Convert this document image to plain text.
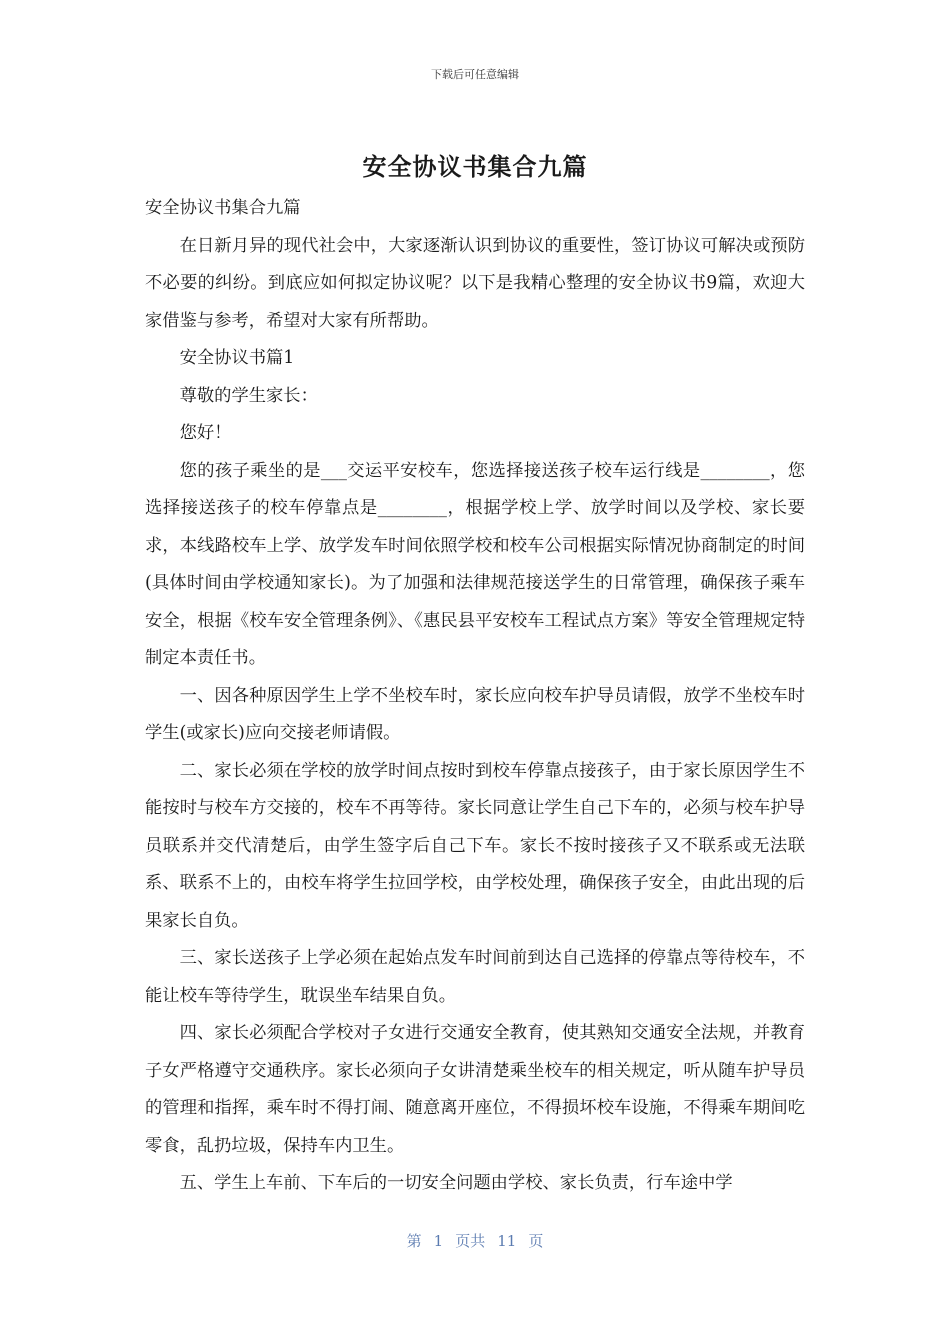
下载后可任意编辑
安全协议书集合九篇

安全协议书集合九篇

在日新月异的现代社会中，大家逐渐认识到协议的重要性，签订协议可解决或预防不必要的纠纷。到底应如何拟定协议呢？以下是我精心整理的安全协议书9篇，欢迎大家借鉴与参考，希望对大家有所帮助。

安全协议书篇1

尊敬的学生家长：

您好！

您的孩子乘坐的是___交运平安校车，您选择接送孩子校车运行线是________，您选择接送孩子的校车停靠点是________，根据学校上学、放学时间以及学校、家长要求，本线路校车上学、放学发车时间依照学校和校车公司根据实际情况协商制定的时间(具体时间由学校通知家长)。为了加强和法律规范接送学生的日常管理，确保孩子乘车安全，根据《校车安全管理条例》、《惠民县平安校车工程试点方案》等安全管理规定特制定本责任书。

一、因各种原因学生上学不坐校车时，家长应向校车护导员请假，放学不坐校车时学生(或家长)应向交接老师请假。

二、家长必须在学校的放学时间点按时到校车停靠点接孩子，由于家长原因学生不能按时与校车方交接的，校车不再等待。家长同意让学生自己下车的，必须与校车护导员联系并交代清楚后，由学生签字后自己下车。家长不按时接孩子又不联系或无法联系、联系不上的，由校车将学生拉回学校，由学校处理，确保孩子安全，由此出现的后果家长自负。

三、家长送孩子上学必须在起始点发车时间前到达自己选择的停靠点等待校车，不能让校车等待学生，耽误坐车结果自负。

四、家长必须配合学校对子女进行交通安全教育，使其熟知交通安全法规，并教育子女严格遵守交通秩序。家长必须向子女讲清楚乘坐校车的相关规定，听从随车护导员的管理和指挥，乘车时不得打闹、随意离开座位，不得损坏校车设施，不得乘车期间吃零食，乱扔垃圾，保持车内卫生。

五、学生上车前、下车后的一切安全问题由学校、家长负责，行车途中学

第 1 页共 11 页
